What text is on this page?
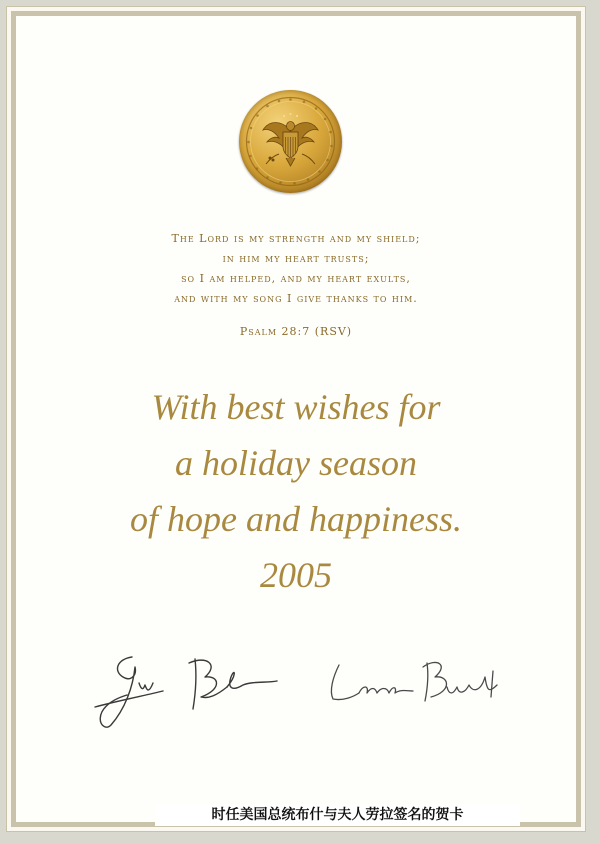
The Lord is my strength and my shield;
in him my heart trusts;
so I am helped, and my heart exults,
and with my song I give thanks to him.
Psalm 28:7 (RSV)
With best wishes for
a holiday season
of hope and happiness.
2005
时任美国总统布什与夫人劳拉签名的贺卡
